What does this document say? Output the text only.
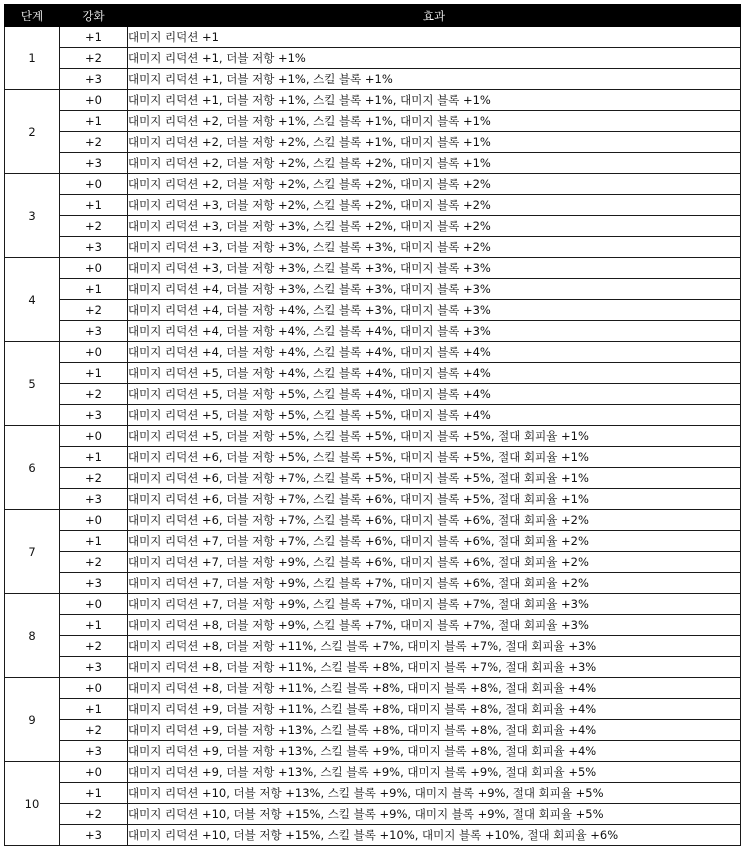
단계	강화	효과
1	+1	대미지 리덕션 +1
	+2	대미지 리덕션 +1, 더블 저항 +1%
	+3	대미지 리덕션 +1, 더블 저항 +1%, 스킬 블록 +1%
2	+0	대미지 리덕션 +1, 더블 저항 +1%, 스킬 블록 +1%, 대미지 블록 +1%
	+1	대미지 리덕션 +2, 더블 저항 +1%, 스킬 블록 +1%, 대미지 블록 +1%
	+2	대미지 리덕션 +2, 더블 저항 +2%, 스킬 블록 +1%, 대미지 블록 +1%
	+3	대미지 리덕션 +2, 더블 저항 +2%, 스킬 블록 +2%, 대미지 블록 +1%
3	+0	대미지 리덕션 +2, 더블 저항 +2%, 스킬 블록 +2%, 대미지 블록 +2%
	+1	대미지 리덕션 +3, 더블 저항 +2%, 스킬 블록 +2%, 대미지 블록 +2%
	+2	대미지 리덕션 +3, 더블 저항 +3%, 스킬 블록 +2%, 대미지 블록 +2%
	+3	대미지 리덕션 +3, 더블 저항 +3%, 스킬 블록 +3%, 대미지 블록 +2%
4	+0	대미지 리덕션 +3, 더블 저항 +3%, 스킬 블록 +3%, 대미지 블록 +3%
	+1	대미지 리덕션 +4, 더블 저항 +3%, 스킬 블록 +3%, 대미지 블록 +3%
	+2	대미지 리덕션 +4, 더블 저항 +4%, 스킬 블록 +3%, 대미지 블록 +3%
	+3	대미지 리덕션 +4, 더블 저항 +4%, 스킬 블록 +4%, 대미지 블록 +3%
5	+0	대미지 리덕션 +4, 더블 저항 +4%, 스킬 블록 +4%, 대미지 블록 +4%
	+1	대미지 리덕션 +5, 더블 저항 +4%, 스킬 블록 +4%, 대미지 블록 +4%
	+2	대미지 리덕션 +5, 더블 저항 +5%, 스킬 블록 +4%, 대미지 블록 +4%
	+3	대미지 리덕션 +5, 더블 저항 +5%, 스킬 블록 +5%, 대미지 블록 +4%
6	+0	대미지 리덕션 +5, 더블 저항 +5%, 스킬 블록 +5%, 대미지 블록 +5%, 절대 회피율 +1%
	+1	대미지 리덕션 +6, 더블 저항 +5%, 스킬 블록 +5%, 대미지 블록 +5%, 절대 회피율 +1%
	+2	대미지 리덕션 +6, 더블 저항 +7%, 스킬 블록 +5%, 대미지 블록 +5%, 절대 회피율 +1%
	+3	대미지 리덕션 +6, 더블 저항 +7%, 스킬 블록 +6%, 대미지 블록 +5%, 절대 회피율 +1%
7	+0	대미지 리덕션 +6, 더블 저항 +7%, 스킬 블록 +6%, 대미지 블록 +6%, 절대 회피율 +2%
	+1	대미지 리덕션 +7, 더블 저항 +7%, 스킬 블록 +6%, 대미지 블록 +6%, 절대 회피율 +2%
	+2	대미지 리덕션 +7, 더블 저항 +9%, 스킬 블록 +6%, 대미지 블록 +6%, 절대 회피율 +2%
	+3	대미지 리덕션 +7, 더블 저항 +9%, 스킬 블록 +7%, 대미지 블록 +6%, 절대 회피율 +2%
8	+0	대미지 리덕션 +7, 더블 저항 +9%, 스킬 블록 +7%, 대미지 블록 +7%, 절대 회피율 +3%
	+1	대미지 리덕션 +8, 더블 저항 +9%, 스킬 블록 +7%, 대미지 블록 +7%, 절대 회피율 +3%
	+2	대미지 리덕션 +8, 더블 저항 +11%, 스킬 블록 +7%, 대미지 블록 +7%, 절대 회피율 +3%
	+3	대미지 리덕션 +8, 더블 저항 +11%, 스킬 블록 +8%, 대미지 블록 +7%, 절대 회피율 +3%
9	+0	대미지 리덕션 +8, 더블 저항 +11%, 스킬 블록 +8%, 대미지 블록 +8%, 절대 회피율 +4%
	+1	대미지 리덕션 +9, 더블 저항 +11%, 스킬 블록 +8%, 대미지 블록 +8%, 절대 회피율 +4%
	+2	대미지 리덕션 +9, 더블 저항 +13%, 스킬 블록 +8%, 대미지 블록 +8%, 절대 회피율 +4%
	+3	대미지 리덕션 +9, 더블 저항 +13%, 스킬 블록 +9%, 대미지 블록 +8%, 절대 회피율 +4%
10	+0	대미지 리덕션 +9, 더블 저항 +13%, 스킬 블록 +9%, 대미지 블록 +9%, 절대 회피율 +5%
	+1	대미지 리덕션 +10, 더블 저항 +13%, 스킬 블록 +9%, 대미지 블록 +9%, 절대 회피율 +5%
	+2	대미지 리덕션 +10, 더블 저항 +15%, 스킬 블록 +9%, 대미지 블록 +9%, 절대 회피율 +5%
	+3	대미지 리덕션 +10, 더블 저항 +15%, 스킬 블록 +10%, 대미지 블록 +10%, 절대 회피율 +6%
